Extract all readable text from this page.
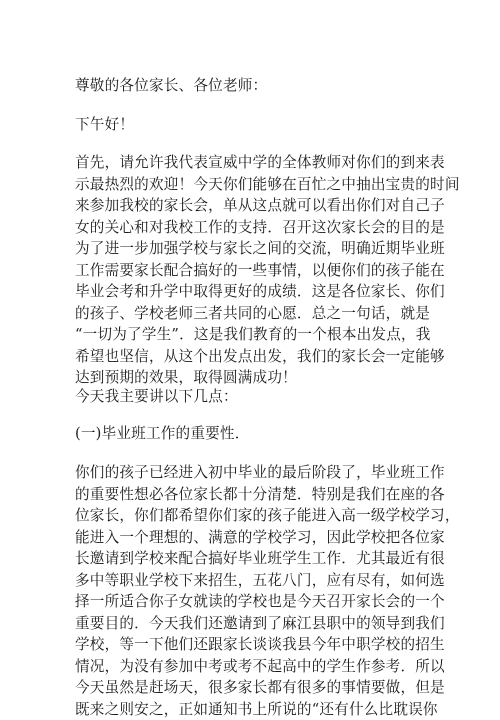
尊敬的各位家长、各位老师：

下午好！

首先，请允许我代表宣威中学的全体教师对你们的到来表

示最热烈的欢迎！今天你们能够在百忙之中抽出宝贵的时间

来参加我校的家长会，单从这点就可以看出你们对自己子

女的关心和对我校工作的支持．召开这次家长会的目的是

为了进一步加强学校与家长之间的交流，明确近期毕业班

工作需要家长配合搞好的一些事情，以便你们的孩子能在

毕业会考和升学中取得更好的成绩．这是各位家长、你们

的孩子、学校老师三者共同的心愿．总之一句话，就是

“一切为了学生”．这是我们教育的一个根本出发点，我

希望也坚信，从这个出发点出发，我们的家长会一定能够

达到预期的效果，取得圆满成功！

今天我主要讲以下几点：

(一)毕业班工作的重要性．

你们的孩子已经进入初中毕业的最后阶段了，毕业班工作

的重要性想必各位家长都十分清楚．特别是我们在座的各

位家长，你们都希望你们家的孩子能进入高一级学校学习，

能进入一个理想的、满意的学校学习，因此学校把各位家

长邀请到学校来配合搞好毕业班学生工作．尤其最近有很

多中等职业学校下来招生，五花八门，应有尽有，如何选

择一所适合你子女就读的学校也是今天召开家长会的一个

重要目的．今天我们还邀请到了麻江县职中的领导到我们

学校，等一下他们还跟家长谈谈我县今年中职学校的招生

情况，为没有参加中考或考不起高中的学生作参考．所以

今天虽然是赶场天，很多家长都有很多的事情要做，但是

既来之则安之，正如通知书上所说的“还有什么比耽误你
